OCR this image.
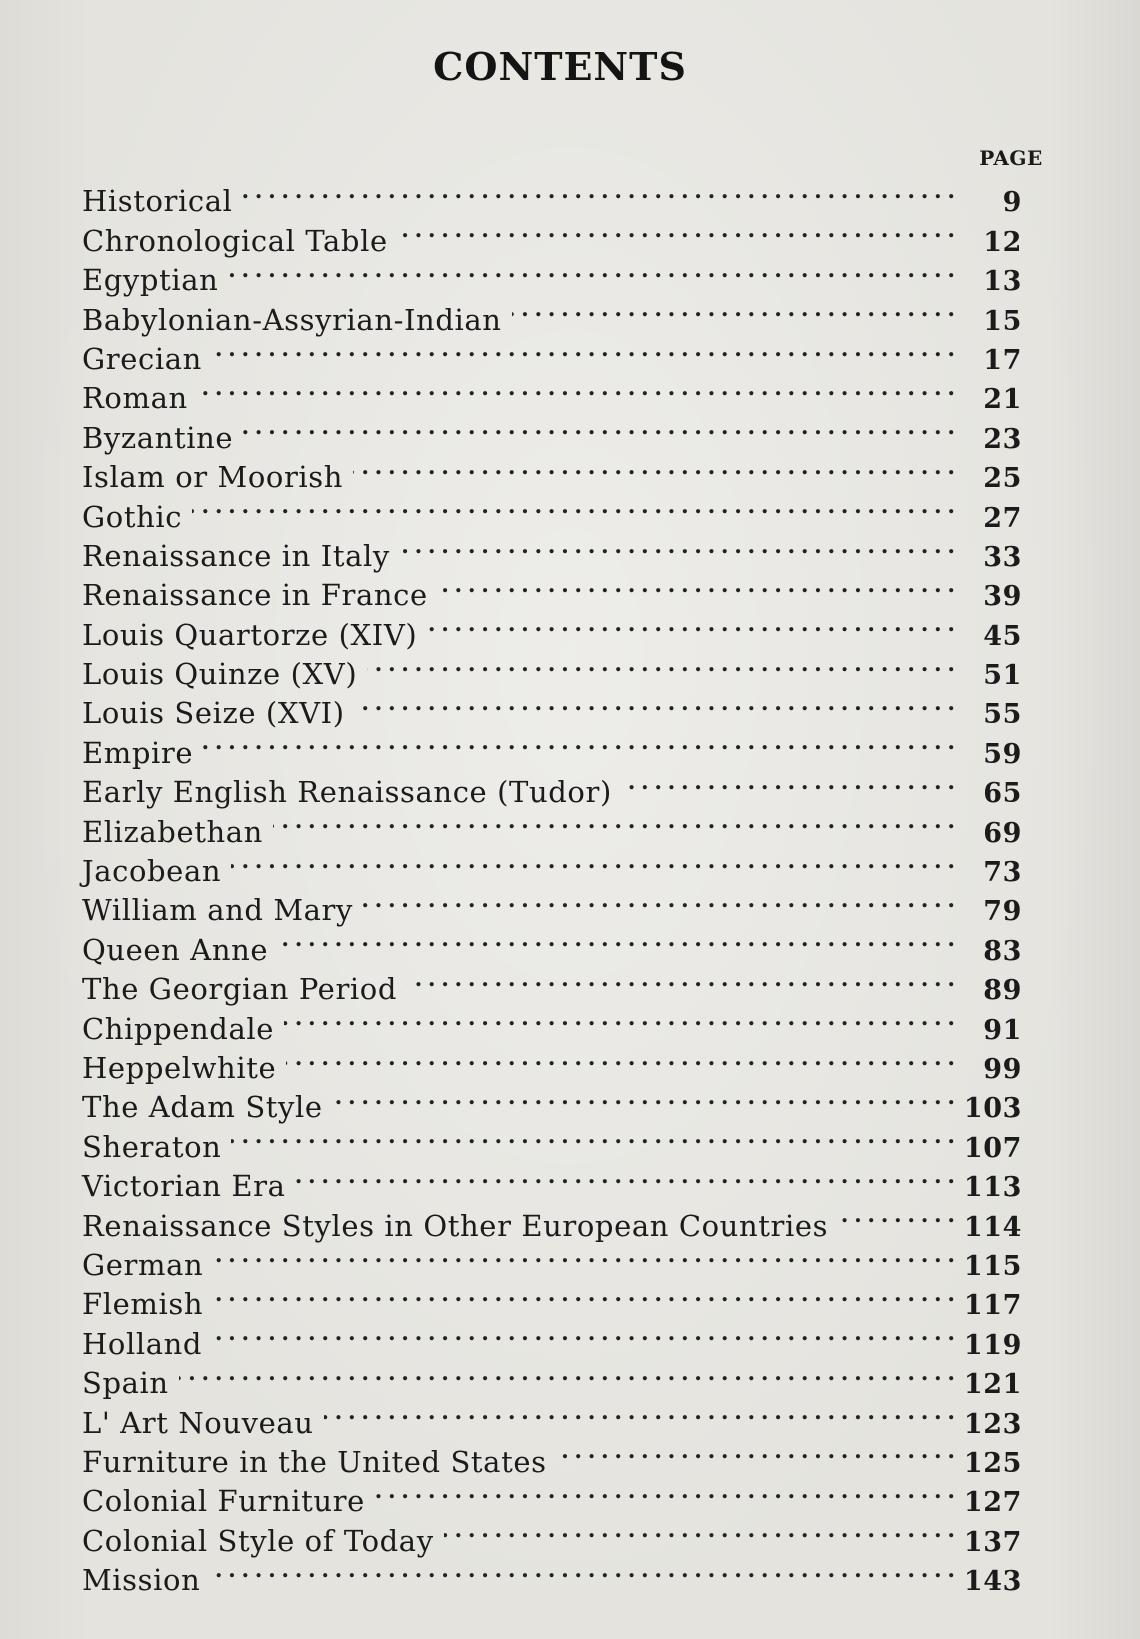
CONTENTS
PAGE
Historical . . .	9
Chronological Table . . .	12
Egyptian . . .	13
Babylonian-Assyrian-Indian . . .	15
Grecian . . .	17
Roman . . .	21
Byzantine . . .	23
Islam or Moorish . . .	25
Gothic . . .	27
Renaissance in Italy . . .	33
Renaissance in France . . .	39
Louis Quartorze (XIV) . . .	45
Louis Quinze (XV) . . .	51
Louis Seize (XVI) . . .	55
Empire . . .	59
Early English Renaissance (Tudor) . . .	65
Elizabethan . . .	69
Jacobean . . .	73
William and Mary . . .	79
Queen Anne . . .	83
The Georgian Period . . .	89
Chippendale . . .	91
Heppelwhite . . .	99
The Adam Style . . .	103
Sheraton . . .	107
Victorian Era . . .	113
Renaissance Styles in Other European Countries . . .	114
German . . .	115
Flemish . . .	117
Holland . . .	119
Spain . . .	121
L' Art Nouveau . . .	123
Furniture in the United States . . .	125
Colonial Furniture . . .	127
Colonial Style of Today . . .	137
Mission . . .	143
